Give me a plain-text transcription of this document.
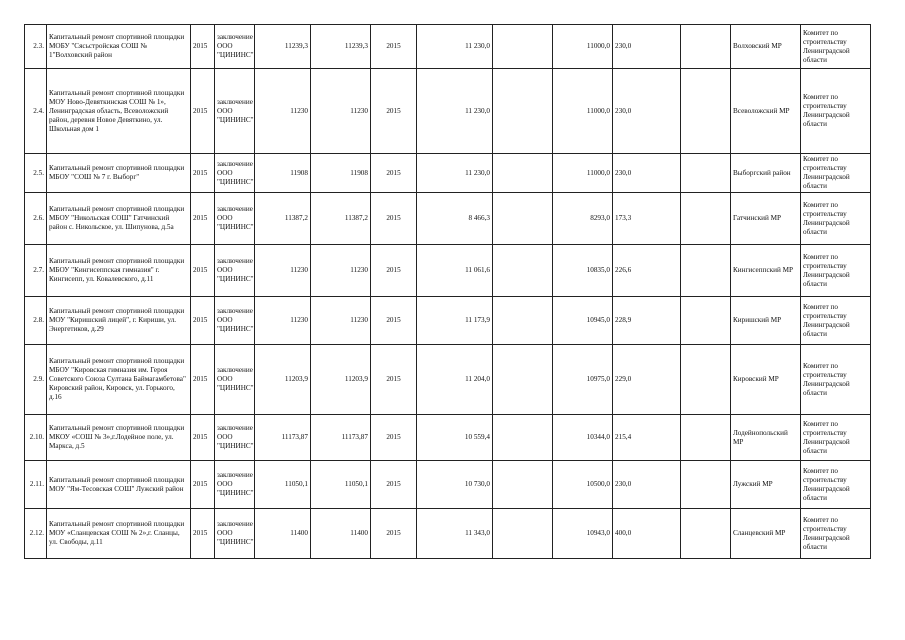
2.3.	Капитальный ремонт спортивной площадки МОБУ "Сясьстройская СОШ № 1"Волховский район	2015	заключение
ООО
"ЦИНИНС"	11239,3	11239,3	2015	11 230,0		11000,0	230,0		Волховский МР	Комитет по строительству Ленинградской области
2.4.	Капитальный ремонт спортивной площадки МОУ Ново-Девяткинская СОШ № 1», Ленинградская область, Всеволожский район, деревня Новое Девяткино, ул. Школьная дом 1	2015	заключение
ООО
"ЦИНИНС"	11230	11230	2015	11 230,0		11000,0	230,0		Всеволожский МР	Комитет по строительству Ленинградской области
2.5.	Капитальный ремонт спортивной площадки МБОУ "СОШ № 7 г. Выборг"	2015	заключение
ООО
"ЦИНИНС"	11908	11908	2015	11 230,0		11000,0	230,0		Выборгский район	Комитет по строительству Ленинградской области
2.6.	Капитальный ремонт спортивной площадки МБОУ "Никольская СОШ" Гатчинский район с. Никольское, ул. Шипунова, д.5а	2015	заключение
ООО
"ЦИНИНС"	11387,2	11387,2	2015	8 466,3		8293,0	173,3		Гатчинский МР	Комитет по строительству Ленинградской области
2.7.	Капитальный ремонт спортивной площадки МБОУ "Кингисеппская гимназия" г. Кингисепп, ул. Ковалевского, д.11	2015	заключение
ООО
"ЦИНИНС"	11230	11230	2015	11 061,6		10835,0	226,6		Кингисеппский МР	Комитет по строительству Ленинградской области
2.8.	Капитальный ремонт спортивной площадки МОУ "Киришский лицей", г. Кириши, ул. Энергетиков, д.29	2015	заключение
ООО
"ЦИНИНС"	11230	11230	2015	11 173,9		10945,0	228,9		Киришский МР	Комитет по строительству Ленинградской области
2.9.	Капитальный ремонт спортивной площадки МБОУ "Кировская гимназия им. Героя Советского Союза Султана Баймагамбетова" Кировский район, Кировск, ул. Горького, д.16	2015	заключение
ООО
"ЦИНИНС"	11203,9	11203,9	2015	11 204,0		10975,0	229,0		Кировский МР	Комитет по строительству Ленинградской области
2.10.	Капитальный ремонт спортивной площадки МКОУ «СОШ № 3»,г.Лодейное поле, ул. Маркса, д.5	2015	заключение
ООО
"ЦИНИНС"	11173,87	11173,87	2015	10 559,4		10344,0	215,4		Лодейнопольский МР	Комитет по строительству Ленинградской области
2.11.	Капитальный ремонт спортивной площадки МОУ "Ям-Тесовская СОШ" Лужский район	2015	заключение
ООО
"ЦИНИНС"	11050,1	11050,1	2015	10 730,0		10500,0	230,0		Лужский МР	Комитет по строительству Ленинградской области
2.12.	Капитальный ремонт спортивной площадки МОУ «Сланцевская СОШ № 2»,г. Сланцы, ул. Свободы, д.11	2015	заключение
ООО
"ЦИНИНС"	11400	11400	2015	11 343,0		10943,0	400,0		Сланцевский МР	Комитет по строительству Ленинградской области
